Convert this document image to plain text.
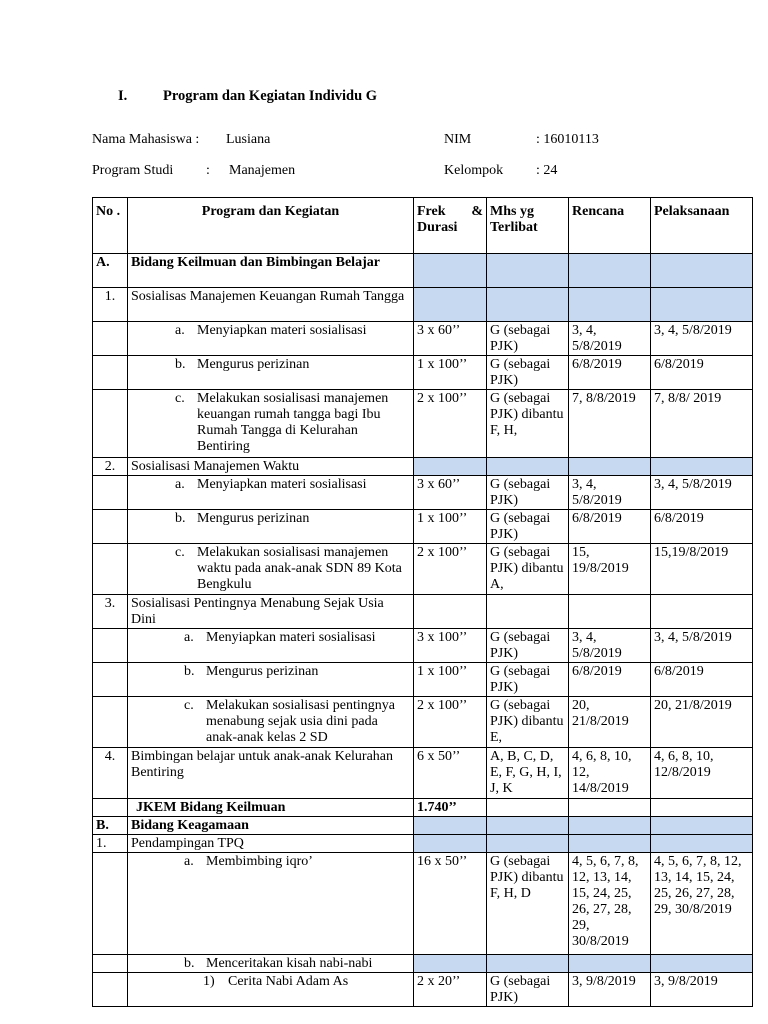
I. Program dan Kegiatan Individu G
Nama Mahasiswa : Lusiana	NIM	: 16010113
Program Studi : Manajemen	Kelompok : 24
No .	Program dan Kegiatan	Frek & Durasi	Mhs yg Terlibat	Rencana	Pelaksanaan
A.	Bidang Keilmuan dan Bimbingan Belajar				
1.	Sosialisas Manajemen Keuangan Rumah Tangga				

	a. Menyiapkan materi sosialisasi	3 x 60’’	G (sebagai PJK)	3, 4, 5/8/2019	3, 4, 5/8/2019

	b. Mengurus perizinan	1 x 100’’	G (sebagai PJK)	6/8/2019	6/8/2019

	c. Melakukan sosialisasi manajemen keuangan rumah tangga bagi Ibu Rumah Tangga di Kelurahan Bentiring	2 x 100’’	G (sebagai PJK) dibantu F, H,	7, 8/8/2019	7, 8/8/ 2019
2.	Sosialisasi Manajemen Waktu				

	a. Menyiapkan materi sosialisasi	3 x 60’’	G (sebagai PJK)	3, 4, 5/8/2019	3, 4, 5/8/2019

	b. Mengurus perizinan	1 x 100’’	G (sebagai PJK)	6/8/2019	6/8/2019

	c. Melakukan sosialisasi manajemen waktu pada anak-anak SDN 89 Kota Bengkulu	2 x 100’’	G (sebagai PJK) dibantu A,	15, 19/8/2019	15,19/8/2019
3.	Sosialisasi Pentingnya Menabung Sejak Usia Dini				

	a. Menyiapkan materi sosialisasi	3 x 100’’	G (sebagai PJK)	3, 4, 5/8/2019	3, 4, 5/8/2019

	b. Mengurus perizinan	1 x 100’’	G (sebagai PJK)	6/8/2019	6/8/2019

	c. Melakukan sosialisasi pentingnya menabung sejak usia dini pada anak-anak kelas 2 SD	2 x 100’’	G (sebagai PJK) dibantu E,	20, 21/8/2019	20, 21/8/2019
4.	Bimbingan belajar untuk anak-anak Kelurahan Bentiring	6 x 50’’	A, B, C, D, E, F, G, H, I, J, K	4, 6, 8, 10, 12, 14/8/2019	4, 6, 8, 10, 12/8/2019
	JKEM Bidang Keilmuan	1.740’’			
B.	Bidang Keagamaan				
1.	Pendampingan TPQ				

	a. Membimbing iqro’	16 x 50’’	G (sebagai PJK) dibantu F, H, D	4, 5, 6, 7, 8, 12, 13, 14, 15, 24, 25, 26, 27, 28, 29, 30/8/2019	4, 5, 6, 7, 8, 12, 13, 14, 15, 24, 25, 26, 27, 28, 29, 30/8/2019

	b. Menceritakan kisah nabi-nabi				

	1) Cerita Nabi Adam As	2 x 20’’	G (sebagai PJK)	3, 9/8/2019	3, 9/8/2019
